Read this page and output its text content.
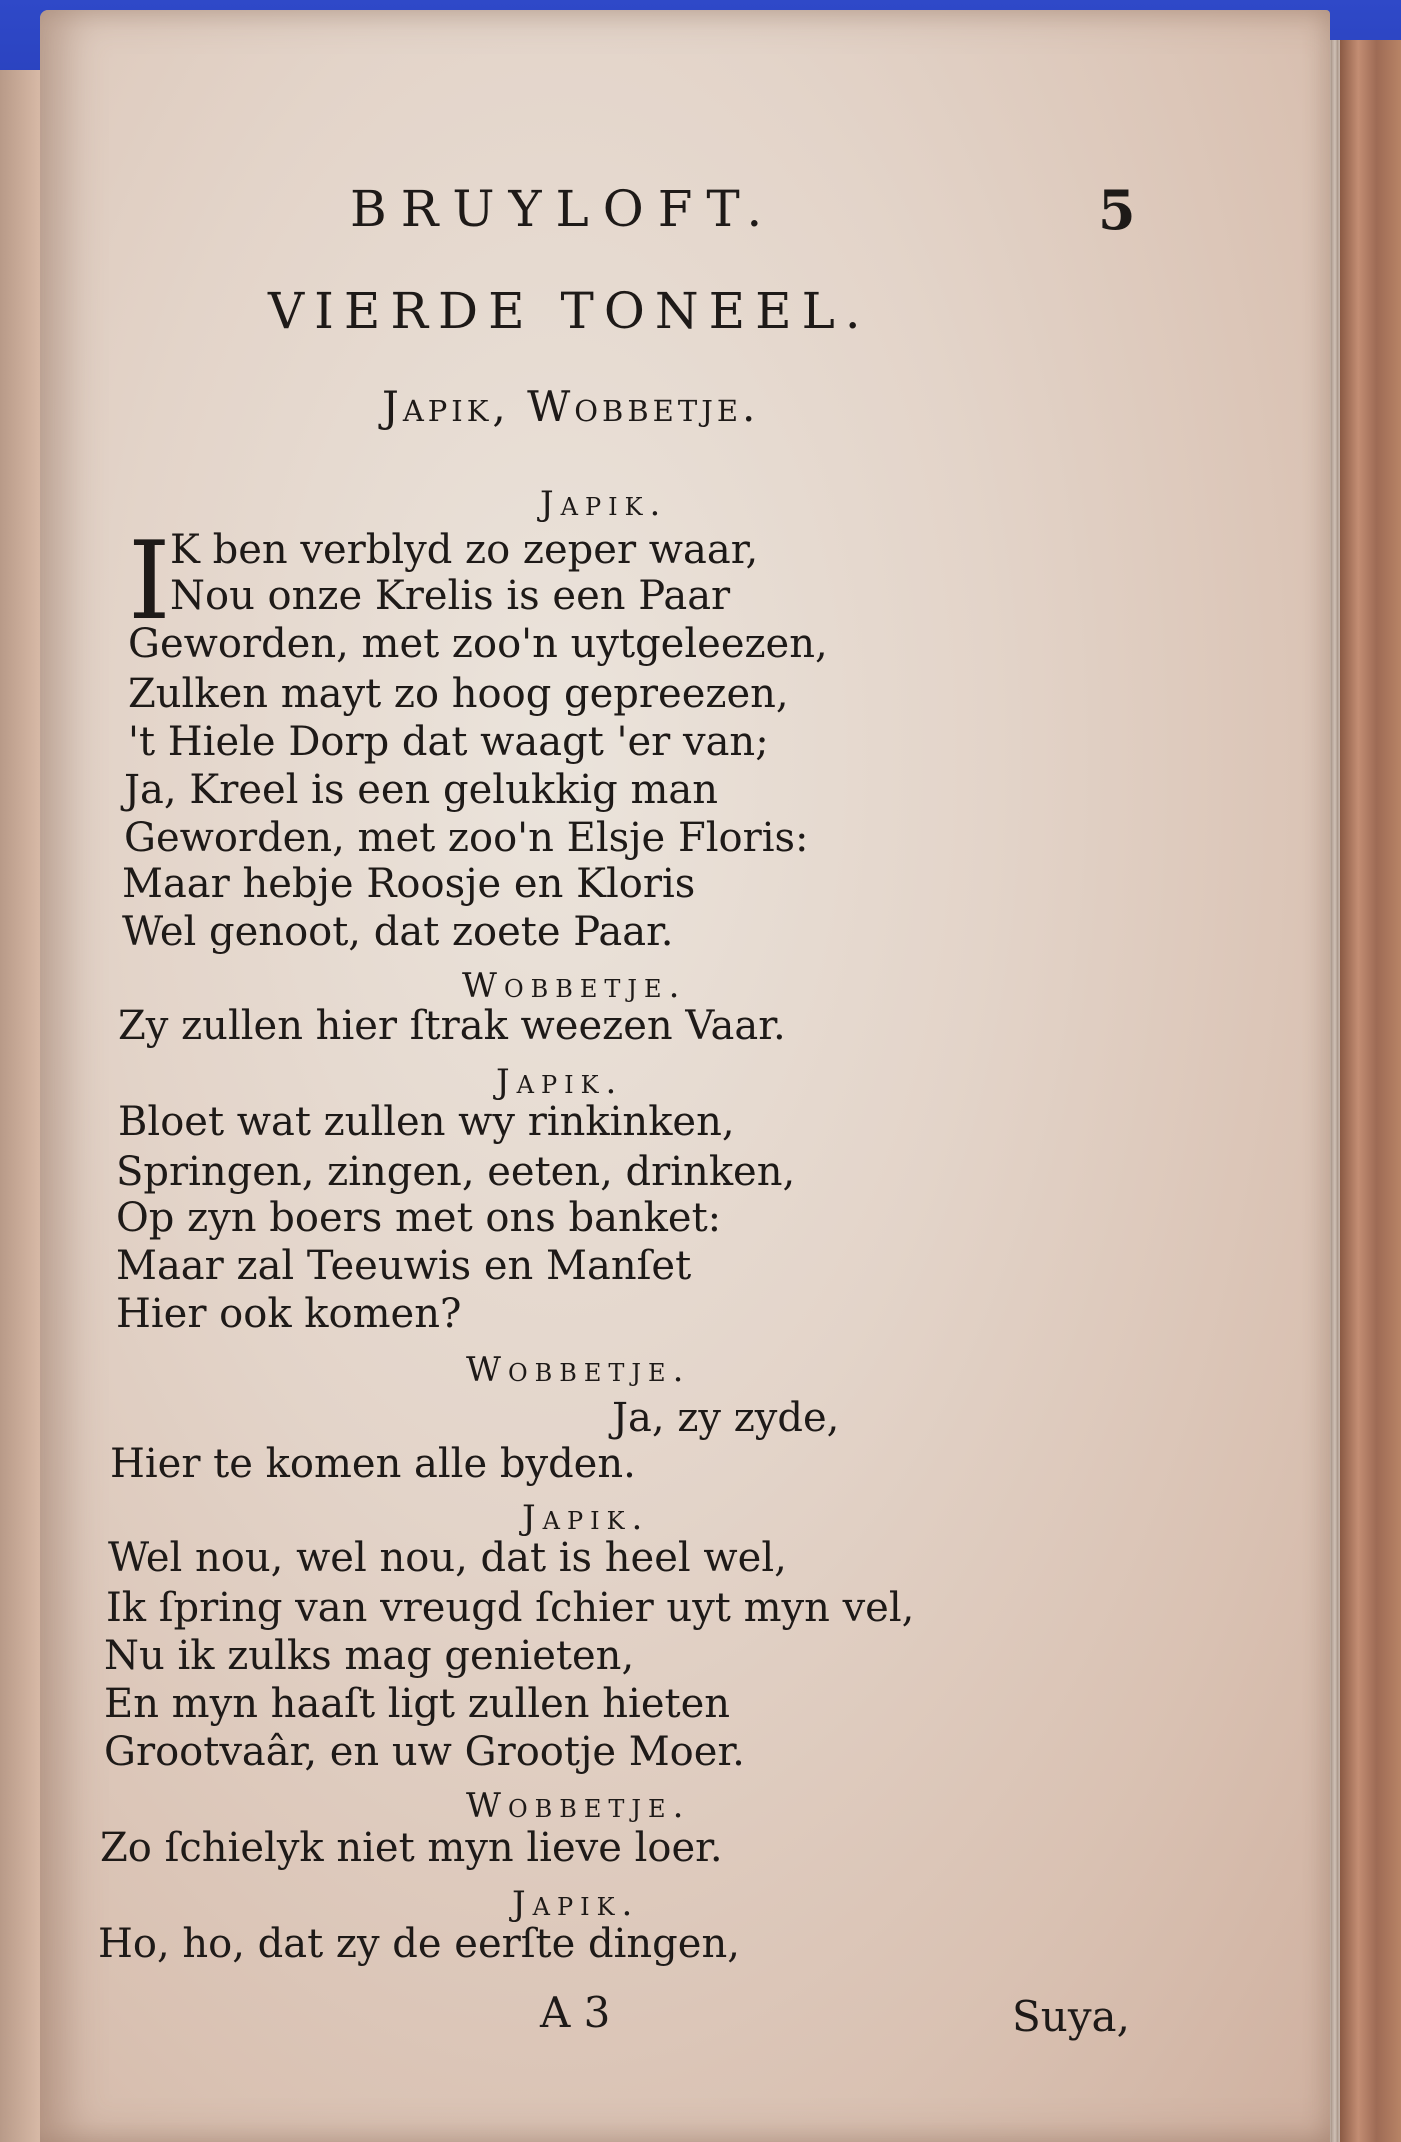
BRUYLOFT.	5
VIERDE TONEEL.
Japik, Wobbetje.
Japik.
I K ben verblyd zo zeper waar,
Nou onze Krelis is een Paar
Geworden, met zoo'n uytgeleezen,
Zulken mayt zo hoog gepreezen,
't Hiele Dorp dat waagt 'er van;
Ja, Kreel is een gelukkig man
Geworden, met zoo'n Elsje Floris:
Maar hebje Roosje en Kloris
Wel genoot, dat zoete Paar.
Wobbetje.
Zy zullen hier ſtrak weezen Vaar.
Japik.
Bloet wat zullen wy rinkinken,
Springen, zingen, eeten, drinken,
Op zyn boers met ons banket:
Maar zal Teeuwis en Manſet
Hier ook komen?
Wobbetje.
Ja, zy zyde,
Hier te komen alle byden.
Japik.
Wel nou, wel nou, dat is heel wel,
Ik ſpring van vreugd ſchier uyt myn vel,
Nu ik zulks mag genieten,
En myn haaſt ligt zullen hieten
Grootvaâr, en uw Grootje Moer.
Wobbetje.
Zo ſchielyk niet myn lieve loer.
Japik.
Ho, ho, dat zy de eerſte dingen,
A 3	Suya,
